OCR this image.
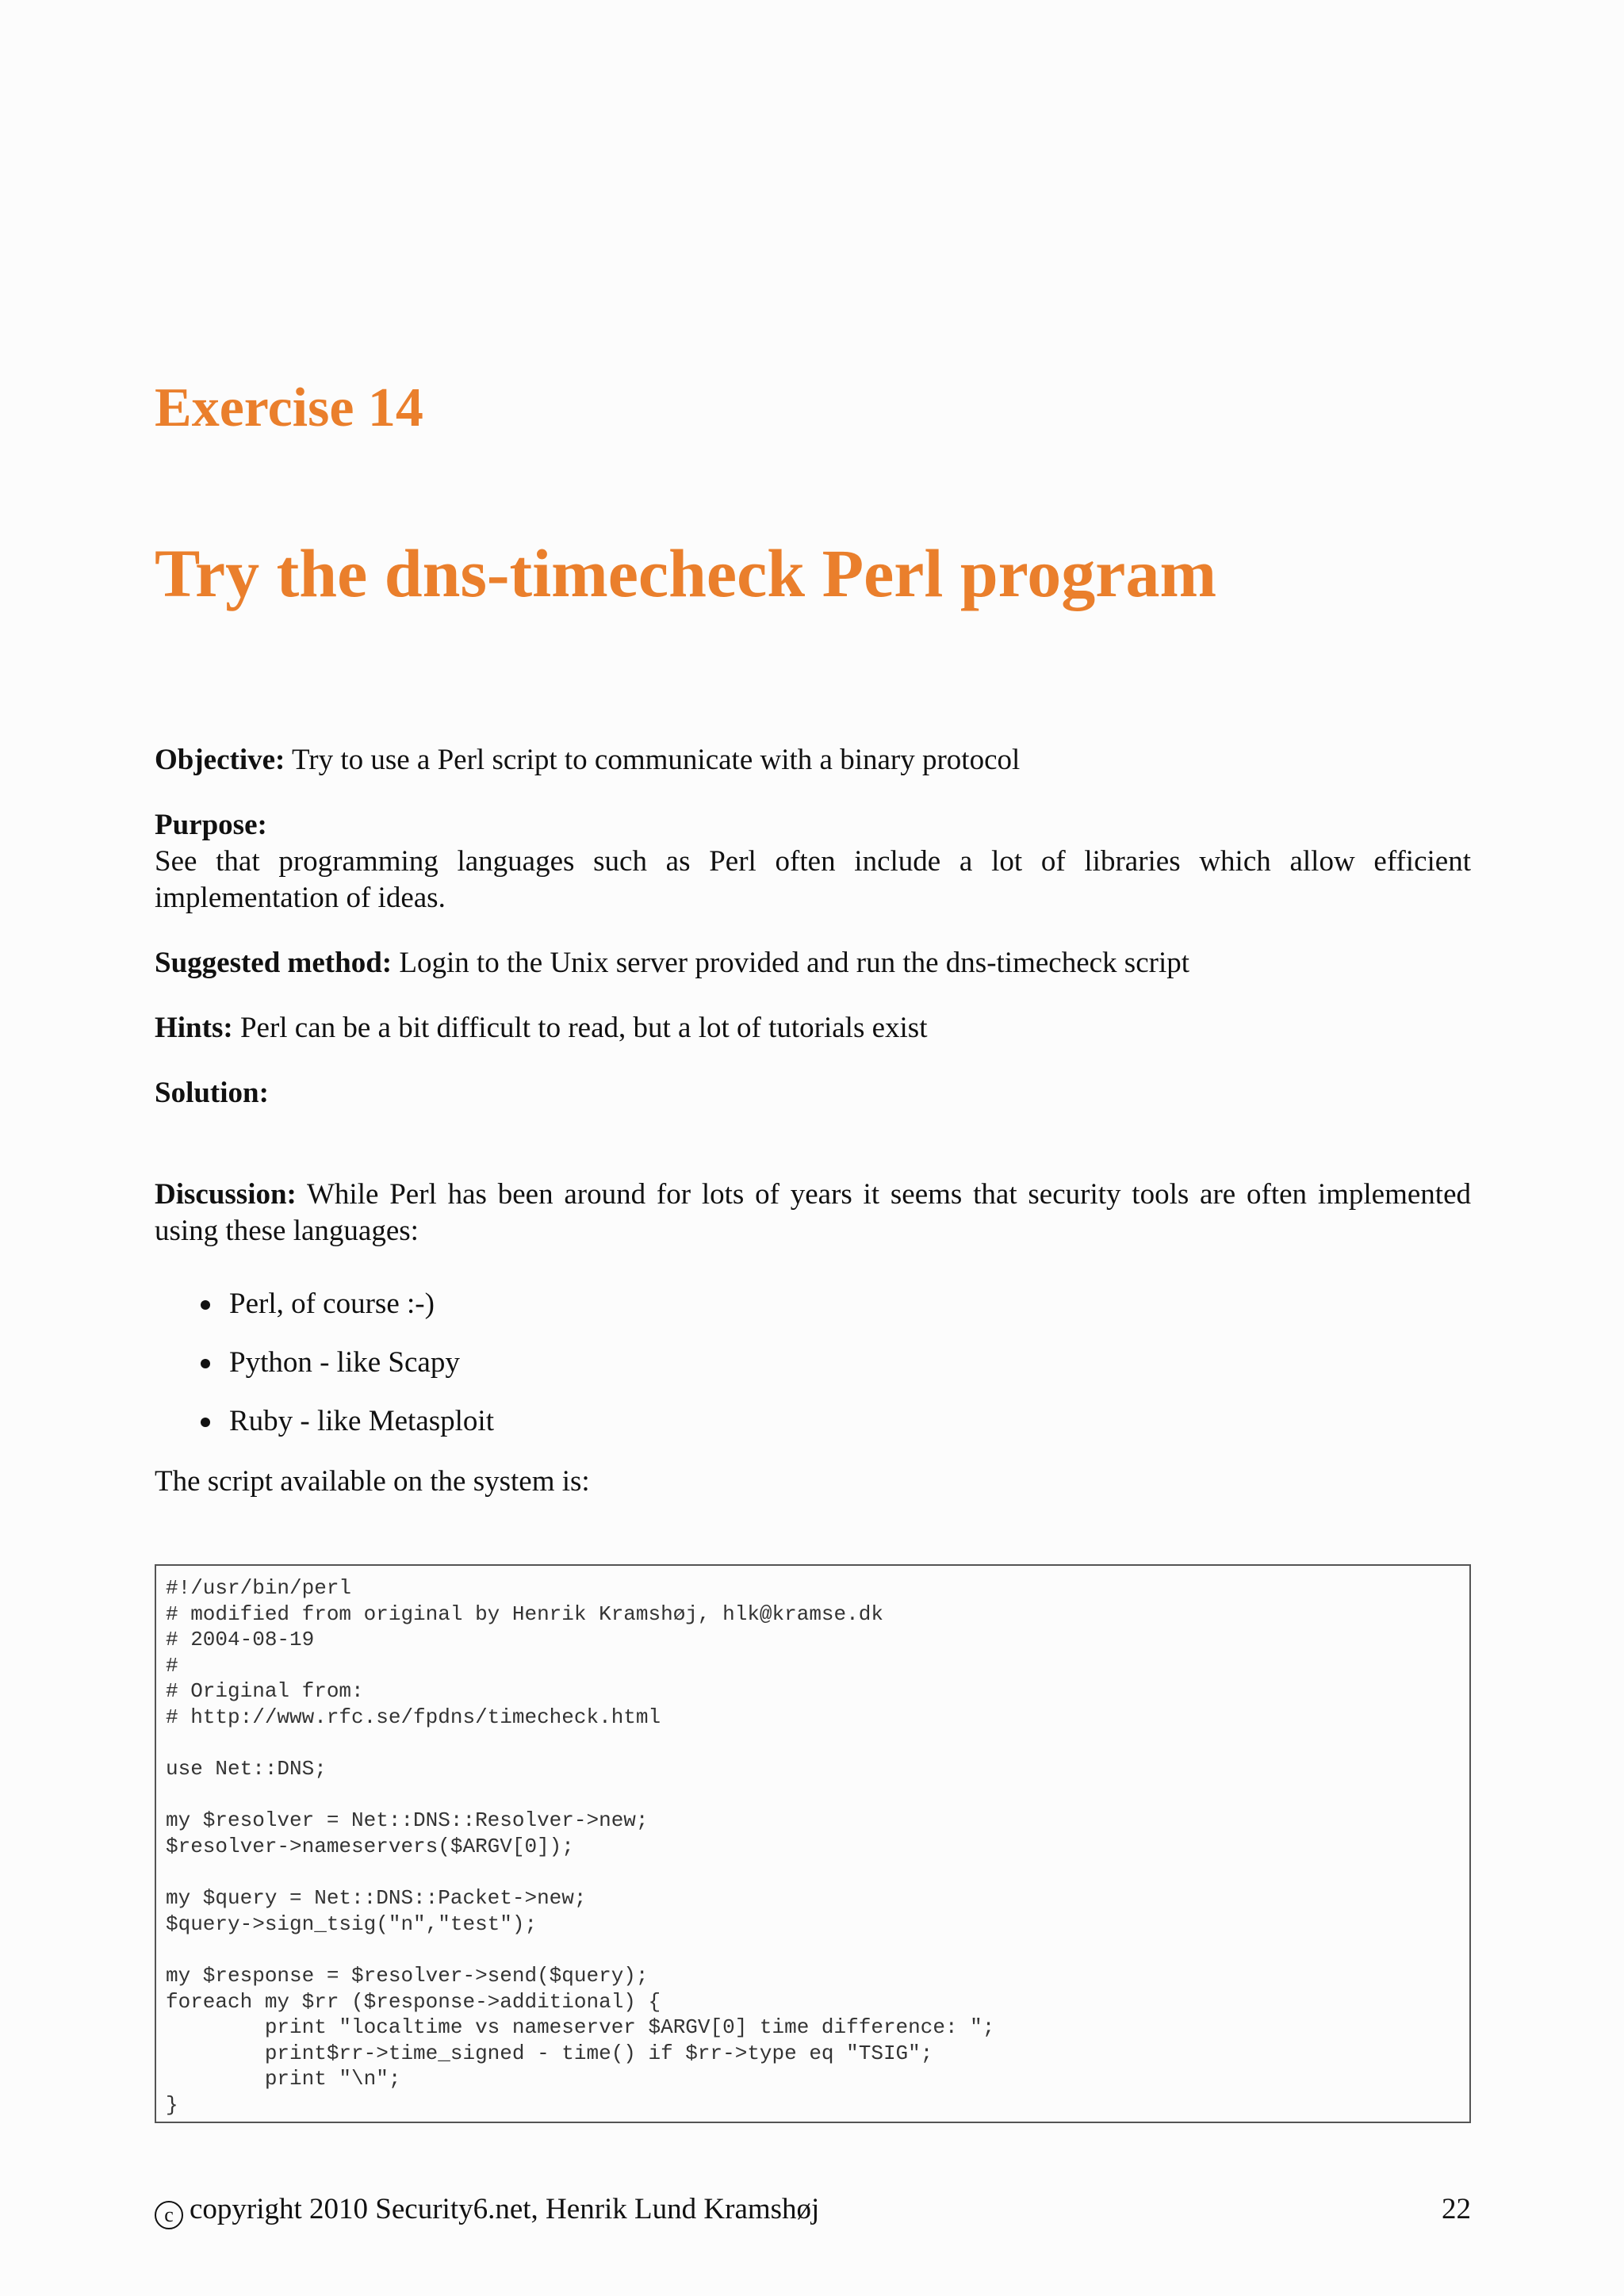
Exercise 14
Try the dns-timecheck Perl program

Objective: Try to use a Perl script to communicate with a binary protocol

Purpose:
See that programming languages such as Perl often include a lot of libraries which allow efficient implementation of ideas.

Suggested method: Login to the Unix server provided and run the dns-timecheck script

Hints: Perl can be a bit difficult to read, but a lot of tutorials exist

Solution:

Discussion: While Perl has been around for lots of years it seems that security tools are often implemented using these languages:

Perl, of course :-)
Python - like Scapy
Ruby - like Metasploit

The script available on the system is:

#!/usr/bin/perl
# modified from original by Henrik Kramshøj, hlk@kramse.dk
# 2004-08-19
#
# Original from:
# http://www.rfc.se/fpdns/timecheck.html

use Net::DNS;

my $resolver = Net::DNS::Resolver->new;
$resolver->nameservers($ARGV[0]);

my $query = Net::DNS::Packet->new;
$query->sign_tsig("n","test");

my $response = $resolver->send($query);
foreach my $rr ($response->additional) {
print "localtime vs nameserver $ARGV[0] time difference: ";
print$rr->time_signed - time() if $rr->type eq "TSIG";
print "\n";
}
c copyright 2010 Security6.net, Henrik Lund Kramshøj	22
